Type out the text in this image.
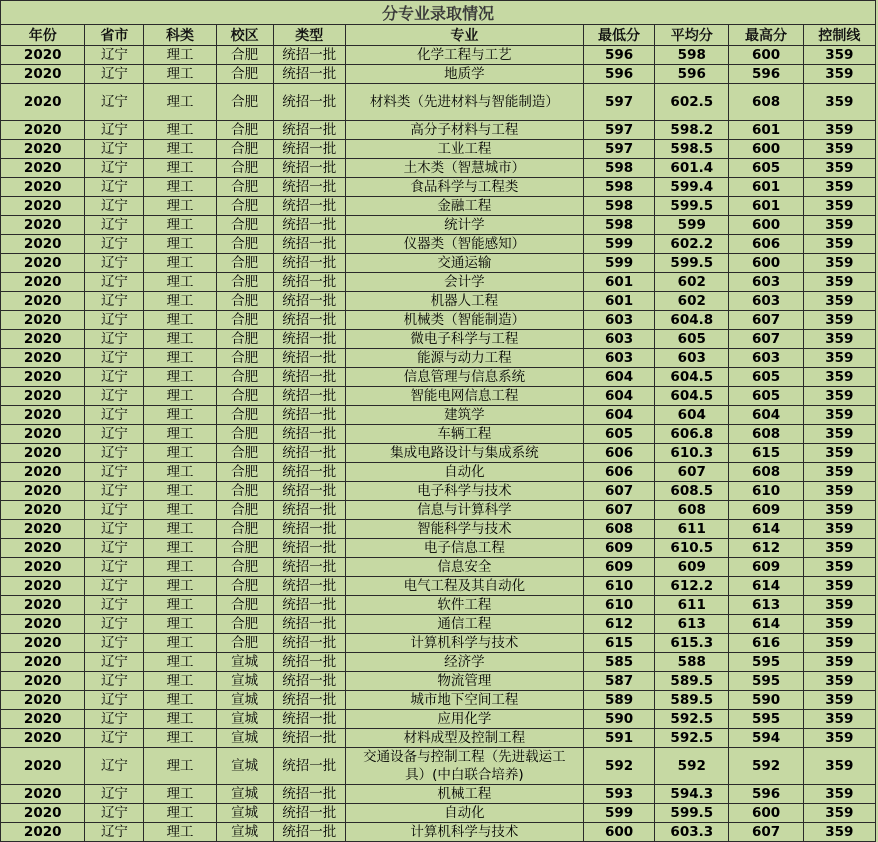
分专业录取情况									
年份	省市	科类	校区	类型	专业	最低分	平均分	最高分	控制线
2020	辽宁	理工	合肥	统招一批	化学工程与工艺	596	598	600	359
2020	辽宁	理工	合肥	统招一批	地质学	596	596	596	359
2020	辽宁	理工	合肥	统招一批	材料类（先进材料与智能制造）	597	602.5	608	359
2020	辽宁	理工	合肥	统招一批	高分子材料与工程	597	598.2	601	359
2020	辽宁	理工	合肥	统招一批	工业工程	597	598.5	600	359
2020	辽宁	理工	合肥	统招一批	土木类（智慧城市）	598	601.4	605	359
2020	辽宁	理工	合肥	统招一批	食品科学与工程类	598	599.4	601	359
2020	辽宁	理工	合肥	统招一批	金融工程	598	599.5	601	359
2020	辽宁	理工	合肥	统招一批	统计学	598	599	600	359
2020	辽宁	理工	合肥	统招一批	仪器类（智能感知）	599	602.2	606	359
2020	辽宁	理工	合肥	统招一批	交通运输	599	599.5	600	359
2020	辽宁	理工	合肥	统招一批	会计学	601	602	603	359
2020	辽宁	理工	合肥	统招一批	机器人工程	601	602	603	359
2020	辽宁	理工	合肥	统招一批	机械类（智能制造）	603	604.8	607	359
2020	辽宁	理工	合肥	统招一批	微电子科学与工程	603	605	607	359
2020	辽宁	理工	合肥	统招一批	能源与动力工程	603	603	603	359
2020	辽宁	理工	合肥	统招一批	信息管理与信息系统	604	604.5	605	359
2020	辽宁	理工	合肥	统招一批	智能电网信息工程	604	604.5	605	359
2020	辽宁	理工	合肥	统招一批	建筑学	604	604	604	359
2020	辽宁	理工	合肥	统招一批	车辆工程	605	606.8	608	359
2020	辽宁	理工	合肥	统招一批	集成电路设计与集成系统	606	610.3	615	359
2020	辽宁	理工	合肥	统招一批	自动化	606	607	608	359
2020	辽宁	理工	合肥	统招一批	电子科学与技术	607	608.5	610	359
2020	辽宁	理工	合肥	统招一批	信息与计算科学	607	608	609	359
2020	辽宁	理工	合肥	统招一批	智能科学与技术	608	611	614	359
2020	辽宁	理工	合肥	统招一批	电子信息工程	609	610.5	612	359
2020	辽宁	理工	合肥	统招一批	信息安全	609	609	609	359
2020	辽宁	理工	合肥	统招一批	电气工程及其自动化	610	612.2	614	359
2020	辽宁	理工	合肥	统招一批	软件工程	610	611	613	359
2020	辽宁	理工	合肥	统招一批	通信工程	612	613	614	359
2020	辽宁	理工	合肥	统招一批	计算机科学与技术	615	615.3	616	359
2020	辽宁	理工	宣城	统招一批	经济学	585	588	595	359
2020	辽宁	理工	宣城	统招一批	物流管理	587	589.5	595	359
2020	辽宁	理工	宣城	统招一批	城市地下空间工程	589	589.5	590	359
2020	辽宁	理工	宣城	统招一批	应用化学	590	592.5	595	359
2020	辽宁	理工	宣城	统招一批	材料成型及控制工程	591	592.5	594	359
2020	辽宁	理工	宣城	统招一批	交通设备与控制工程（先进载运工具）(中白联合培养)	592	592	592	359
2020	辽宁	理工	宣城	统招一批	机械工程	593	594.3	596	359
2020	辽宁	理工	宣城	统招一批	自动化	599	599.5	600	359
2020	辽宁	理工	宣城	统招一批	计算机科学与技术	600	603.3	607	359
